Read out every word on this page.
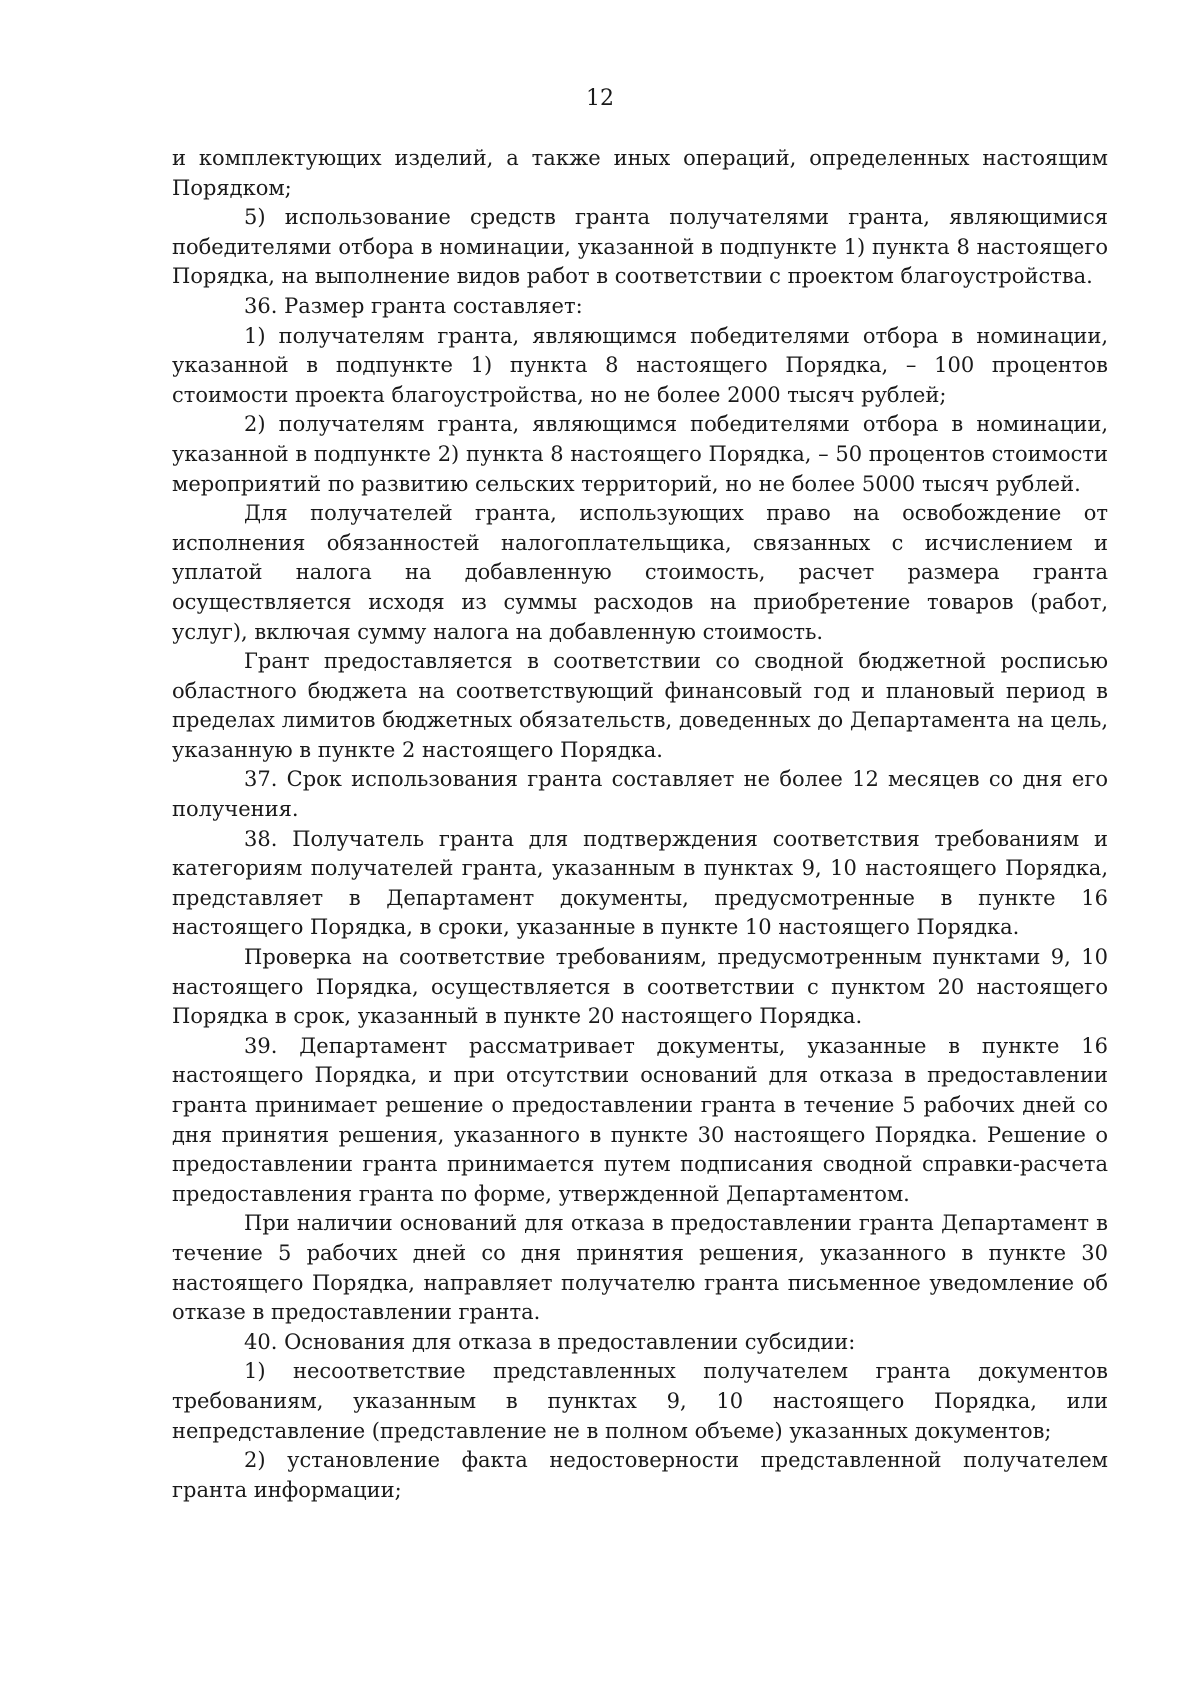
12

и комплектующих изделий, а также иных операций, определенных настоящим Порядком;

5) использование средств гранта получателями гранта, являющимися победителями отбора в номинации, указанной в подпункте 1) пункта 8 настоящего Порядка, на выполнение видов работ в соответствии с проектом благоустройства.

36. Размер гранта составляет:

1) получателям гранта, являющимся победителями отбора в номинации, указанной в подпункте 1) пункта 8 настоящего Порядка, – 100 процентов стоимости проекта благоустройства, но не более 2000 тысяч рублей;

2) получателям гранта, являющимся победителями отбора в номинации, указанной в подпункте 2) пункта 8 настоящего Порядка, – 50 процентов стоимости мероприятий по развитию сельских территорий, но не более 5000 тысяч рублей.

Для получателей гранта, использующих право на освобождение от исполнения обязанностей налогоплательщика, связанных с исчислением и уплатой налога на добавленную стоимость, расчет размера гранта осуществляется исходя из суммы расходов на приобретение товаров (работ, услуг), включая сумму налога на добавленную стоимость.

Грант предоставляется в соответствии со сводной бюджетной росписью областного бюджета на соответствующий финансовый год и плановый период в пределах лимитов бюджетных обязательств, доведенных до Департамента на цель, указанную в пункте 2 настоящего Порядка.

37. Срок использования гранта составляет не более 12 месяцев со дня его получения.

38. Получатель гранта для подтверждения соответствия требованиям и категориям получателей гранта, указанным в пунктах 9, 10 настоящего Порядка, представляет в Департамент документы, предусмотренные в пункте 16 настоящего Порядка, в сроки, указанные в пункте 10 настоящего Порядка.

Проверка на соответствие требованиям, предусмотренным пунктами 9, 10 настоящего Порядка, осуществляется в соответствии с пунктом 20 настоящего Порядка в срок, указанный в пункте 20 настоящего Порядка.

39. Департамент рассматривает документы, указанные в пункте 16 настоящего Порядка, и при отсутствии оснований для отказа в предоставлении гранта принимает решение о предоставлении гранта в течение 5 рабочих дней со дня принятия решения, указанного в пункте 30 настоящего Порядка. Решение о предоставлении гранта принимается путем подписания сводной справки-расчета предоставления гранта по форме, утвержденной Департаментом.

При наличии оснований для отказа в предоставлении гранта Департамент в течение 5 рабочих дней со дня принятия решения, указанного в пункте 30 настоящего Порядка, направляет получателю гранта письменное уведомление об отказе в предоставлении гранта.

40. Основания для отказа в предоставлении субсидии:

1) несоответствие представленных получателем гранта документов требованиям, указанным в пунктах 9, 10 настоящего Порядка, или непредставление (представление не в полном объеме) указанных документов;

2) установление факта недостоверности представленной получателем гранта информации;
